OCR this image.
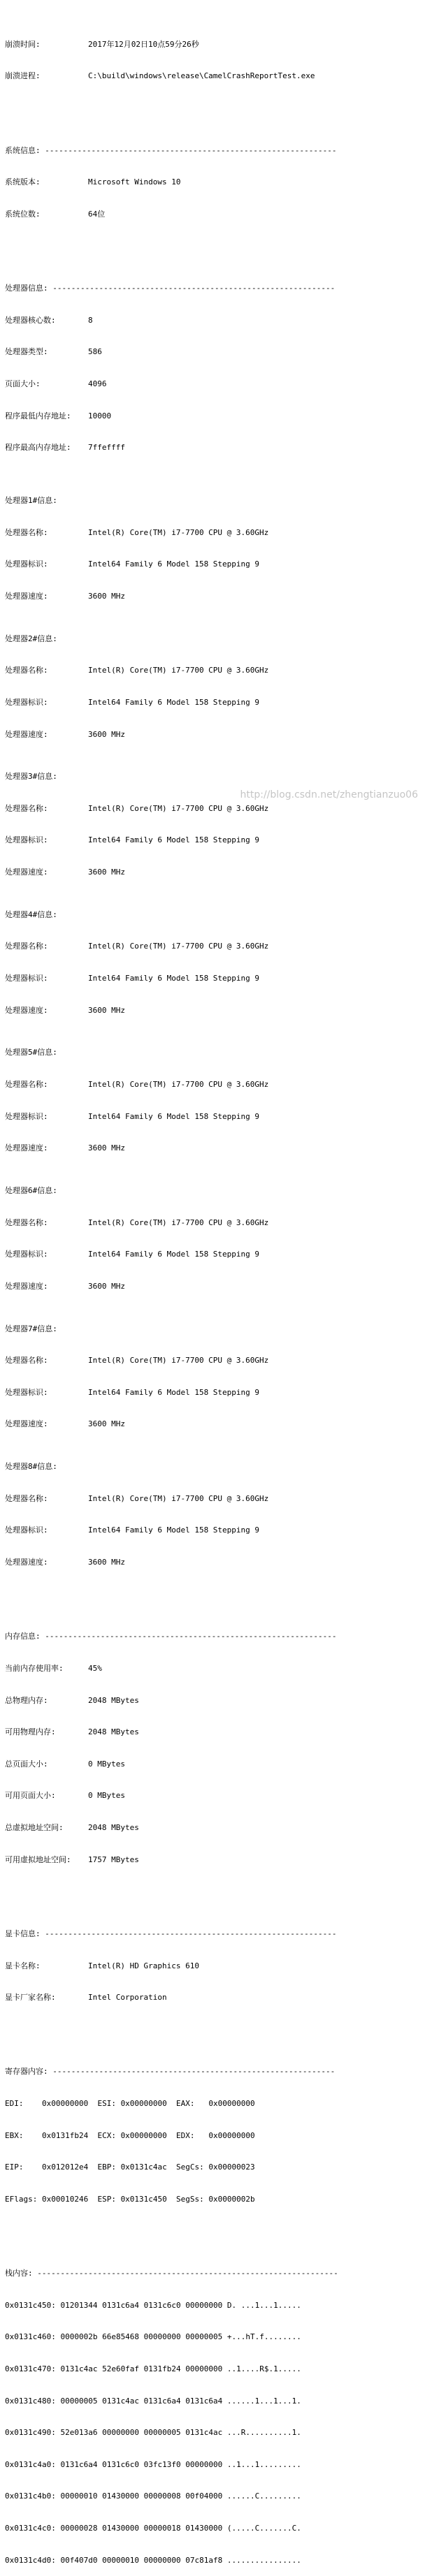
崩溃时间:	2017年12月02日10点59分26秒

崩溃进程:	C:\build\windows\release\CamelCrashReportTest.exe

系统信息: ---------------------------------------------------------------

系统版本:	Microsoft Windows 10

系统位数:	64位

处理器信息: -------------------------------------------------------------

处理器核心数:	8

处理器类型:	586

页面大小:	4096

程序最低内存地址: 10000

程序最高内存地址: 7ffeffff

处理器1#信息:

处理器名称:	Intel(R) Core(TM) i7-7700 CPU @ 3.60GHz

处理器标识:	Intel64 Family 6 Model 158 Stepping 9

处理器速度:	3600 MHz

处理器2#信息:

处理器名称:	Intel(R) Core(TM) i7-7700 CPU @ 3.60GHz

处理器标识:	Intel64 Family 6 Model 158 Stepping 9

处理器速度:	3600 MHz

处理器3#信息:

处理器名称:	Intel(R) Core(TM) i7-7700 CPU @ 3.60GHz

处理器标识:	Intel64 Family 6 Model 158 Stepping 9

处理器速度:	3600 MHz

处理器4#信息:

处理器名称:	Intel(R) Core(TM) i7-7700 CPU @ 3.60GHz

处理器标识:	Intel64 Family 6 Model 158 Stepping 9

处理器速度:	3600 MHz

处理器5#信息:

处理器名称:	Intel(R) Core(TM) i7-7700 CPU @ 3.60GHz

处理器标识:	Intel64 Family 6 Model 158 Stepping 9

处理器速度:	3600 MHz

处理器6#信息:

处理器名称:	Intel(R) Core(TM) i7-7700 CPU @ 3.60GHz

处理器标识:	Intel64 Family 6 Model 158 Stepping 9

处理器速度:	3600 MHz

处理器7#信息:

处理器名称:	Intel(R) Core(TM) i7-7700 CPU @ 3.60GHz

处理器标识:	Intel64 Family 6 Model 158 Stepping 9

处理器速度:	3600 MHz

处理器8#信息:

处理器名称:	Intel(R) Core(TM) i7-7700 CPU @ 3.60GHz

处理器标识:	Intel64 Family 6 Model 158 Stepping 9

处理器速度:	3600 MHz

内存信息: ---------------------------------------------------------------

当前内存使用率:	45%

总物理内存:	2048 MBytes

可用物理内存:	2048 MBytes

总页面大小:	0 MBytes

可用页面大小:	0 MBytes

总虚拟地址空间:	2048 MBytes

可用虚拟地址空间: 1757 MBytes

显卡信息: ---------------------------------------------------------------

显卡名称:	Intel(R) HD Graphics 610

显卡厂家名称:	Intel Corporation

寄存器内容: -------------------------------------------------------------

EDI:    0x00000000  ESI: 0x00000000  EAX:   0x00000000

EBX:    0x0131fb24  ECX: 0x00000000  EDX:   0x00000000

EIP:    0x012012e4  EBP: 0x0131c4ac  SegCs: 0x00000023

EFlags: 0x00010246  ESP: 0x0131c450  SegSs: 0x0000002b

栈内容: -----------------------------------------------------------------

0x0131c450: 01201344 0131c6a4 0131c6c0 00000000 D. ...1...1.....

0x0131c460: 0000002b 66e85468 00000000 00000005 +...hT.f........

0x0131c470: 0131c4ac 52e60faf 0131fb24 00000000 ..1....R$.1.....

0x0131c480: 00000005 0131c4ac 0131c6a4 0131c6a4 ......1...1...1.

0x0131c490: 52e013a6 00000000 00000005 0131c4ac ...R..........1.

0x0131c4a0: 0131c6a4 0131c6c0 03fc13f0 00000000 ..1...1.........

0x0131c4b0: 00000010 01430000 00000008 00f04000 ......C.........

0x0131c4c0: 00000028 01430000 00000018 01430000 (.....C.......C.

0x0131c4d0: 00f407d0 00000010 00000000 07c81af8 ................

http://blog.csdn.net/zhengtianzuo06
